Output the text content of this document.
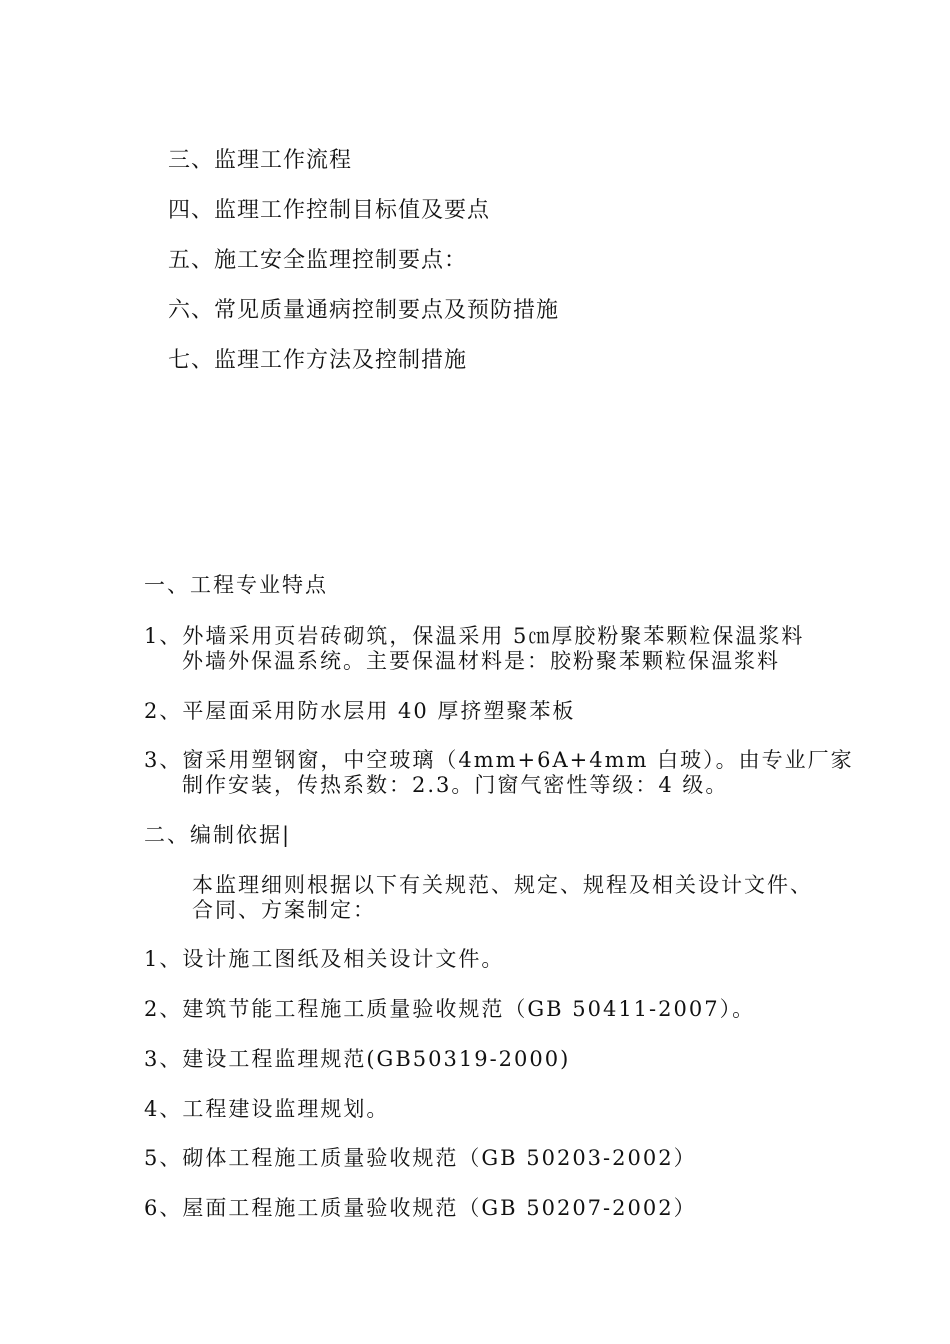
三、监理工作流程
四、监理工作控制目标值及要点
五、施工安全监理控制要点：
六、常见质量通病控制要点及预防措施
七、监理工作方法及控制措施
一、工程专业特点
1、外墙采用页岩砖砌筑，保温采用 5㎝厚胶粉聚苯颗粒保温浆料
外墙外保温系统。主要保温材料是：胶粉聚苯颗粒保温浆料
2、平屋面采用防水层用 40 厚挤塑聚苯板
3、窗采用塑钢窗，中空玻璃（4mm+6A+4mm 白玻）。由专业厂家
制作安装，传热系数：2.3。门窗气密性等级：4 级。
二、编制依据|
本监理细则根据以下有关规范、规定、规程及相关设计文件、
合同、方案制定：
1、设计施工图纸及相关设计文件。
2、建筑节能工程施工质量验收规范（GB 50411-2007）。
3、建设工程监理规范(GB50319-2000)
4、工程建设监理规划。
5、砌体工程施工质量验收规范（GB 50203-2002）
6、屋面工程施工质量验收规范（GB 50207-2002）
